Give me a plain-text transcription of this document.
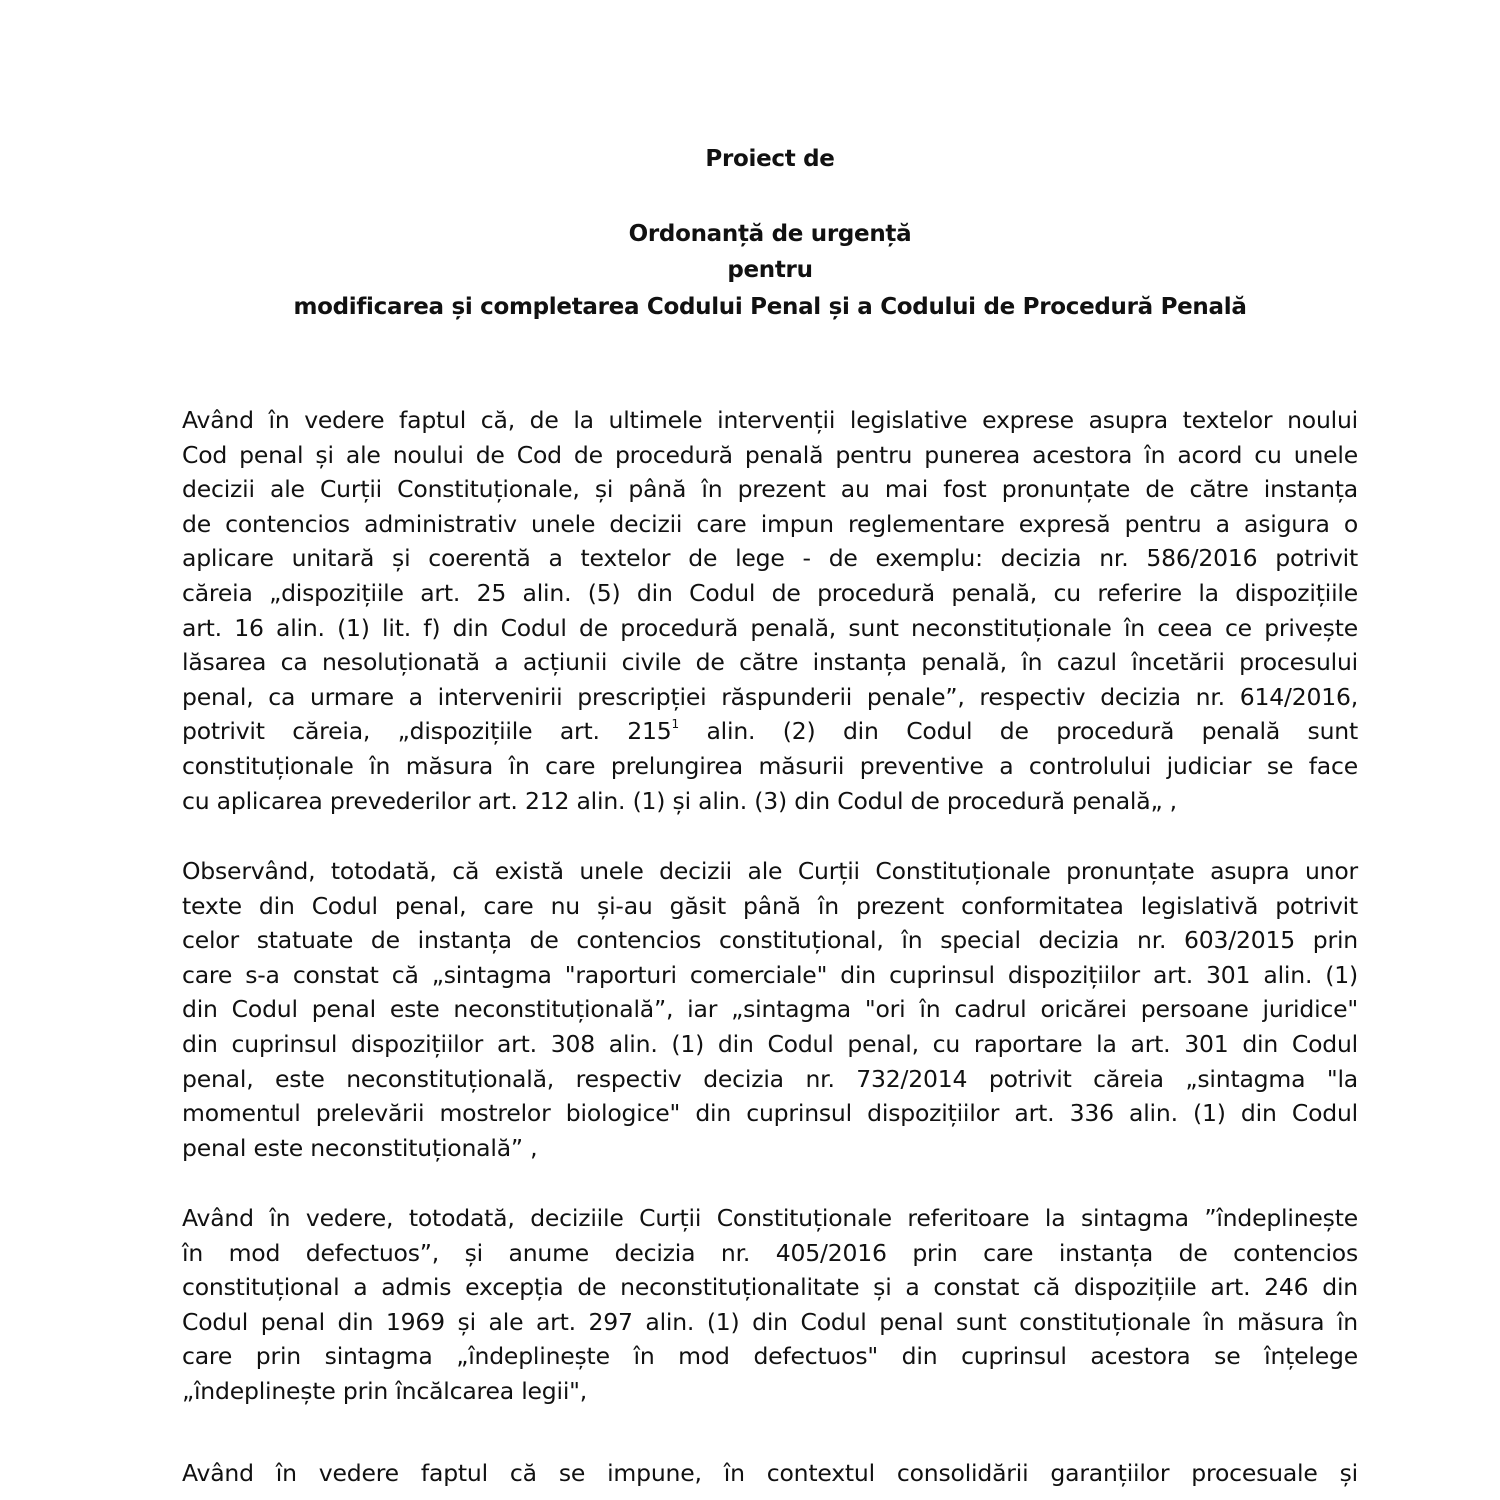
Proiect de
Ordonanță de urgență
pentru
modificarea și completarea Codului Penal și a Codului de Procedură Penală
Având în vedere faptul că, de la ultimele intervenții legislative exprese asupra textelor noului
Cod penal și ale noului de Cod de procedură penală pentru punerea acestora în acord cu unele
decizii ale Curții Constituționale, și până în prezent au mai fost pronunțate de către instanța
de contencios administrativ unele decizii care impun reglementare expresă pentru a asigura o
aplicare unitară și coerentă a textelor de lege - de exemplu: decizia nr. 586/2016 potrivit
căreia „dispozițiile art. 25 alin. (5) din Codul de procedură penală, cu referire la dispozițiile
art. 16 alin. (1) lit. f) din Codul de procedură penală, sunt neconstituționale în ceea ce privește
lăsarea ca nesoluționată a acțiunii civile de către instanța penală, în cazul încetării procesului
penal, ca urmare a intervenirii prescripției răspunderii penale”, respectiv decizia nr. 614/2016,
potrivit căreia, „dispozițiile art. $215^1$ alin. (2) din Codul de procedură penală sunt
constituționale în măsura în care prelungirea măsurii preventive a controlului judiciar se face
cu aplicarea prevederilor art. 212 alin. (1) și alin. (3) din Codul de procedură penală„ ,
Observând, totodată, că există unele decizii ale Curții Constituționale pronunțate asupra unor
texte din Codul penal, care nu și-au găsit până în prezent conformitatea legislativă potrivit
celor statuate de instanța de contencios constituțional, în special decizia nr. 603/2015 prin
care s-a constat că „sintagma "raporturi comerciale" din cuprinsul dispozițiilor art. 301 alin. (1)
din Codul penal este neconstituțională”, iar „sintagma "ori în cadrul oricărei persoane juridice"
din cuprinsul dispozițiilor art. 308 alin. (1) din Codul penal, cu raportare la art. 301 din Codul
penal, este neconstituțională, respectiv decizia nr. 732/2014 potrivit căreia „sintagma "la
momentul prelevării mostrelor biologice" din cuprinsul dispozițiilor art. 336 alin. (1) din Codul
penal este neconstituțională” ,
Având în vedere, totodată, deciziile Curții Constituționale referitoare la sintagma ”îndeplinește
în mod defectuos”, și anume decizia nr. 405/2016 prin care instanța de contencios
constituțional a admis excepția de neconstituționalitate și a constat că dispozițiile art. 246 din
Codul penal din 1969 și ale art. 297 alin. (1) din Codul penal sunt constituționale în măsura în
care prin sintagma „îndeplinește în mod defectuos" din cuprinsul acestora se înțelege
„îndeplinește prin încălcarea legii",
Având în vedere faptul că se impune, în contextul consolidării garanțiilor procesuale și
